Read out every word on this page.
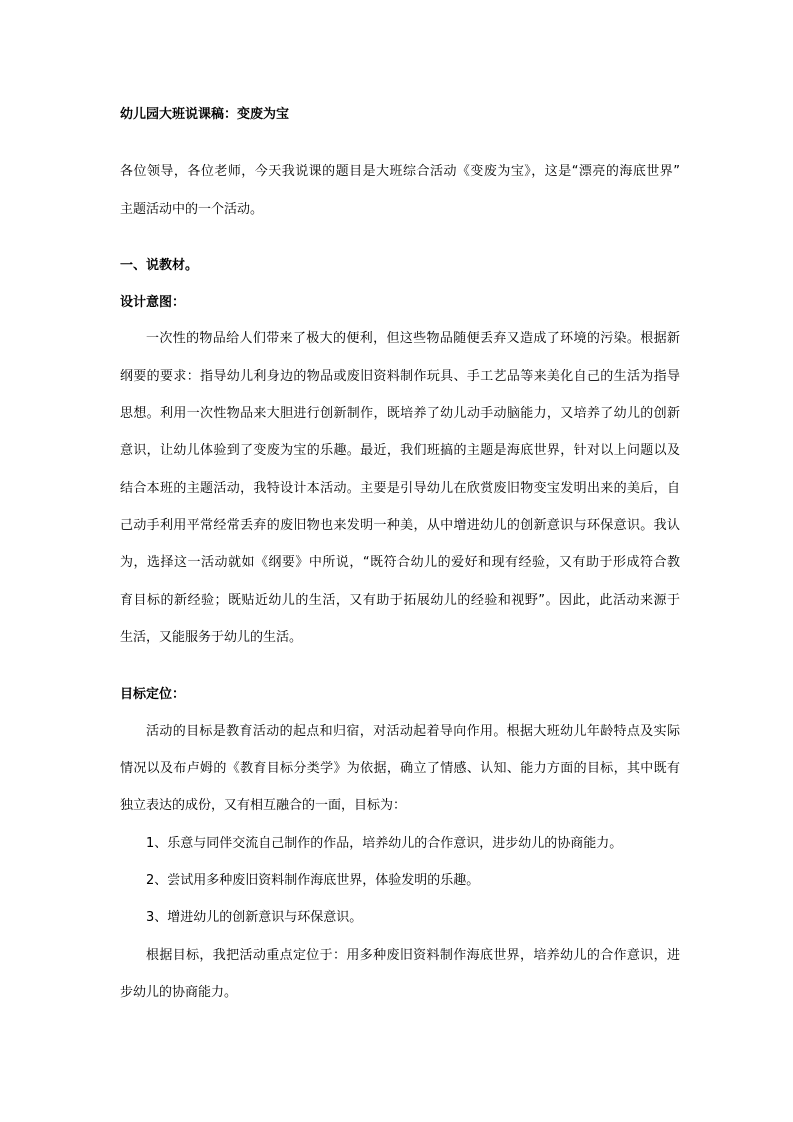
幼儿园大班说课稿：变废为宝
各位领导，各位老师，今天我说课的题目是大班综合活动《变废为宝》，这是“漂亮的海底世界”
主题活动中的一个活动。
一、说教材。
设计意图：
一次性的物品给人们带来了极大的便利，但这些物品随便丢弃又造成了环境的污染。根据新
纲要的要求：指导幼儿利身边的物品或废旧资料制作玩具、手工艺品等来美化自己的生活为指导
思想。利用一次性物品来大胆进行创新制作，既培养了幼儿动手动脑能力，又培养了幼儿的创新
意识，让幼儿体验到了变废为宝的乐趣。最近，我们班搞的主题是海底世界，针对以上问题以及
结合本班的主题活动，我特设计本活动。主要是引导幼儿在欣赏废旧物变宝发明出来的美后，自
己动手利用平常经常丢弃的废旧物也来发明一种美，从中增进幼儿的创新意识与环保意识。我认
为，选择这一活动就如《纲要》中所说，“既符合幼儿的爱好和现有经验，又有助于形成符合教
育目标的新经验；既贴近幼儿的生活，又有助于拓展幼儿的经验和视野”。因此，此活动来源于
生活，又能服务于幼儿的生活。
目标定位：
活动的目标是教育活动的起点和归宿，对活动起着导向作用。根据大班幼儿年龄特点及实际
情况以及布卢姆的《教育目标分类学》为依据，确立了情感、认知、能力方面的目标，其中既有
独立表达的成份，又有相互融合的一面，目标为：
1、乐意与同伴交流自己制作的作品，培养幼儿的合作意识，进步幼儿的协商能力。
2、尝试用多种废旧资料制作海底世界，体验发明的乐趣。
3、增进幼儿的创新意识与环保意识。
根据目标，我把活动重点定位于：用多种废旧资料制作海底世界，培养幼儿的合作意识，进
步幼儿的协商能力。
